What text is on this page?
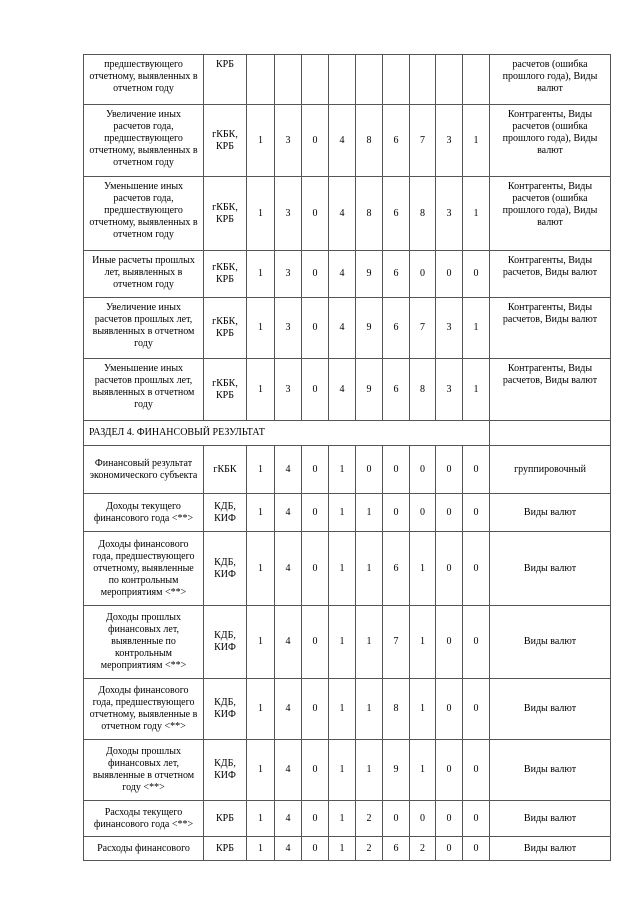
предшествующего отчетному, выявленных в отчетном году	КРБ										расчетов (ошибка прошлого года), Виды валют
Увеличение иных расчетов года, предшествующего отчетному, выявленных в отчетном году	гКБК, КРБ	1	3	0	4	8	6	7	3	1	Контрагенты, Виды расчетов (ошибка прошлого года), Виды валют
Уменьшение иных расчетов года, предшествующего отчетному, выявленных в отчетном году	гКБК, КРБ	1	3	0	4	8	6	8	3	1	Контрагенты, Виды расчетов (ошибка прошлого года), Виды валют
Иные расчеты прошлых лет, выявленных в отчетном году	гКБК, КРБ	1	3	0	4	9	6	0	0	0	Контрагенты, Виды расчетов, Виды валют
Увеличение иных расчетов прошлых лет, выявленных в отчетном году	гКБК, КРБ	1	3	0	4	9	6	7	3	1	Контрагенты, Виды расчетов, Виды валют
Уменьшение иных расчетов прошлых лет, выявленных в отчетном году	гКБК, КРБ	1	3	0	4	9	6	8	3	1	Контрагенты, Виды расчетов, Виды валют
РАЗДЕЛ 4. ФИНАНСОВЫЙ РЕЗУЛЬТАТ											
Финансовый результат экономического субъекта	гКБК	1	4	0	1	0	0	0	0	0	группировочный
Доходы текущего финансового года <**>	КДБ, КИФ	1	4	0	1	1	0	0	0	0	Виды валют
Доходы финансового года, предшествующего отчетному, выявленные по контрольным мероприятиям <**>	КДБ, КИФ	1	4	0	1	1	6	1	0	0	Виды валют
Доходы прошлых финансовых лет, выявленные по контрольным мероприятиям <**>	КДБ, КИФ	1	4	0	1	1	7	1	0	0	Виды валют
Доходы финансового года, предшествующего отчетному, выявленные в отчетном году <**>	КДБ, КИФ	1	4	0	1	1	8	1	0	0	Виды валют
Доходы прошлых финансовых лет, выявленные в отчетном году <**>	КДБ, КИФ	1	4	0	1	1	9	1	0	0	Виды валют
Расходы текущего финансового года <**>	КРБ	1	4	0	1	2	0	0	0	0	Виды валют
Расходы финансового	КРБ	1	4	0	1	2	6	2	0	0	Виды валют
